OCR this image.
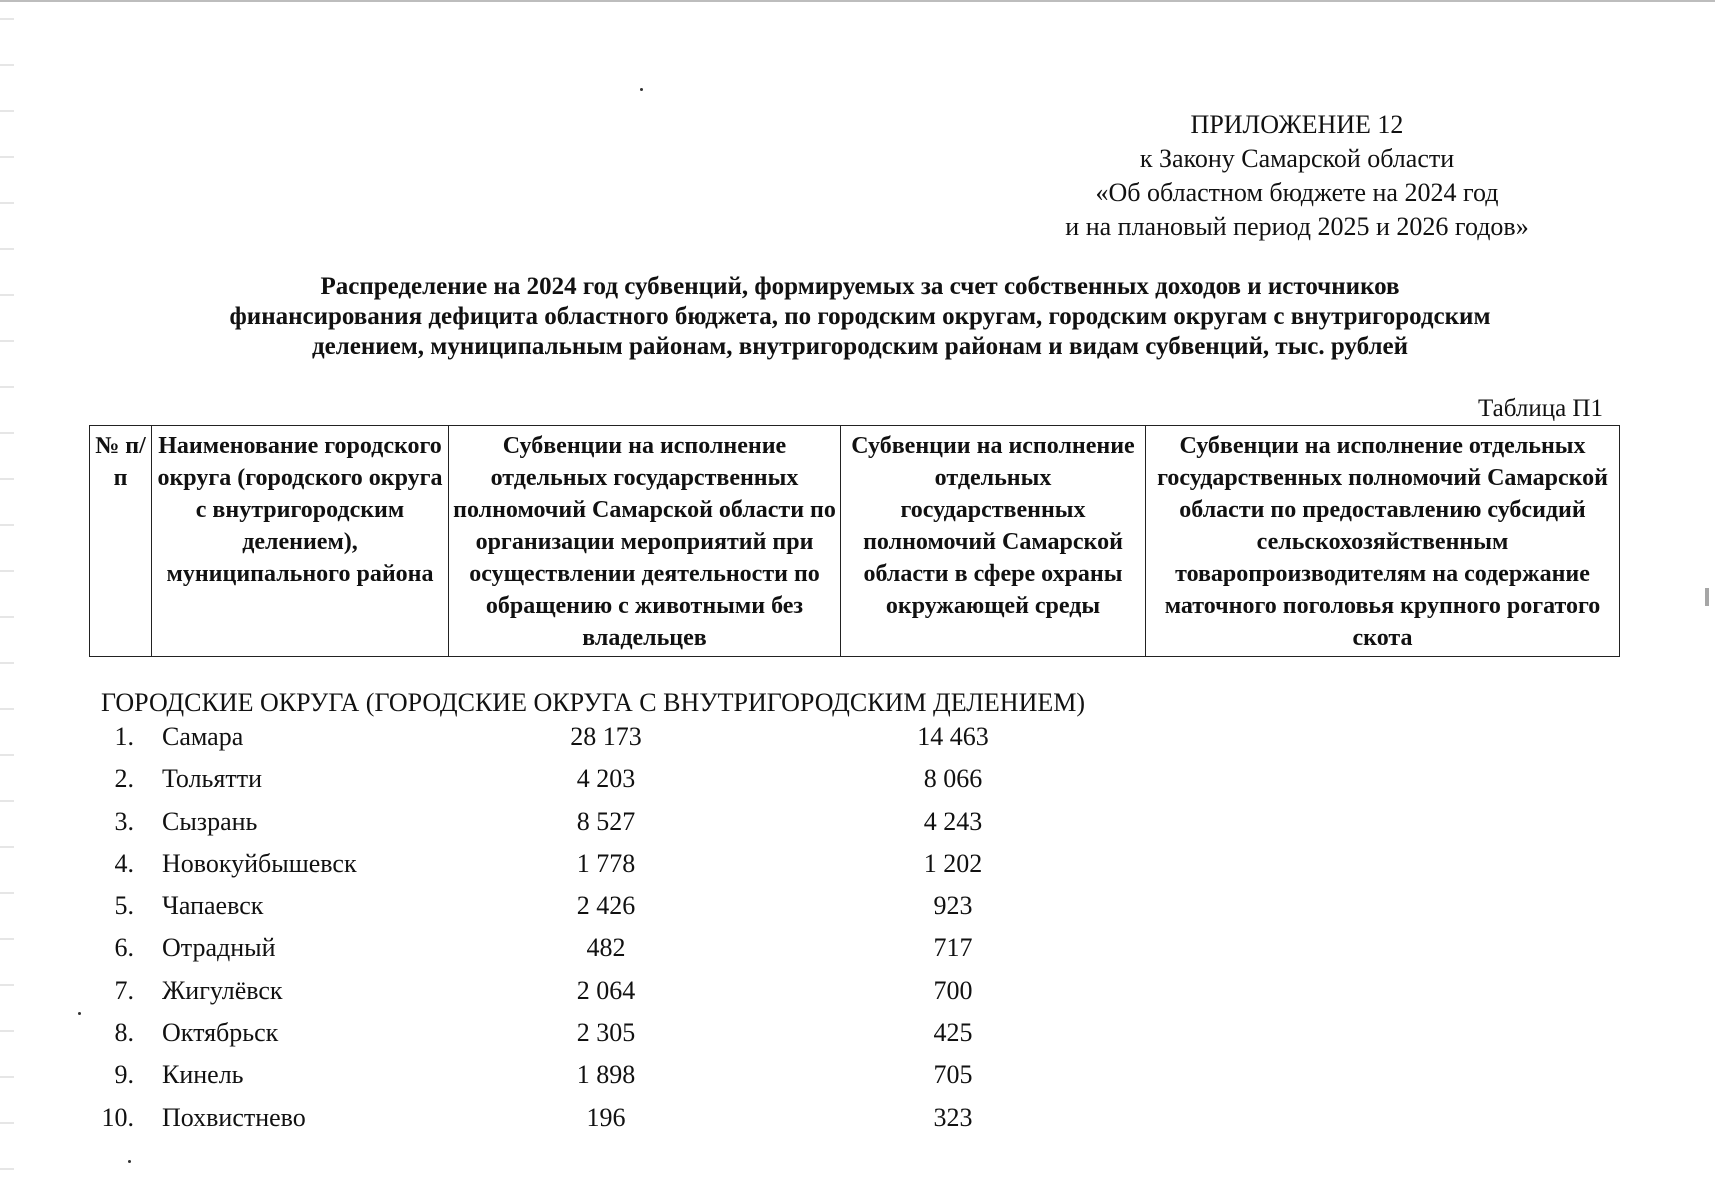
ПРИЛОЖЕНИЕ 12
к Закону Самарской области
«Об областном бюджете на 2024 год
и на плановый период 2025 и 2026 годов»
Распределение на 2024 год субвенций, формируемых за счет собственных доходов и источников
финансирования дефицита областного бюджета, по городским округам, городским округам с внутригородским
делением, муниципальным районам, внутригородским районам и видам субвенций, тыс. рублей
Таблица П1
№ п/п	Наименование городского округа (городского округа с внутригородским делением), муниципального района	Субвенции на исполнение отдельных государственных полномочий Самарской области по организации мероприятий при осуществлении деятельности по обращению с животными без владельцев	Субвенции на исполнение отдельных государственных полномочий Самарской области в сфере охраны окружающей среды	Субвенции на исполнение отдельных государственных полномочий Самарской области по предоставлению субсидий сельскохозяйственным товаропроизводителям на содержание маточного поголовья крупного рогатого скота
ГОРОДСКИЕ ОКРУГА (ГОРОДСКИЕ ОКРУГА С ВНУТРИГОРОДСКИМ ДЕЛЕНИЕМ)
1. Самара	28 173	14 463
2. Тольятти	4 203	8 066
3. Сызрань	8 527	4 243
4. Новокуйбышевск	1 778	1 202
5. Чапаевск	2 426	923
6. Отрадный	482	717
7. Жигулёвск	2 064	700
8. Октябрьск	2 305	425
9. Кинель	1 898	705
10. Похвистнево	196	323
